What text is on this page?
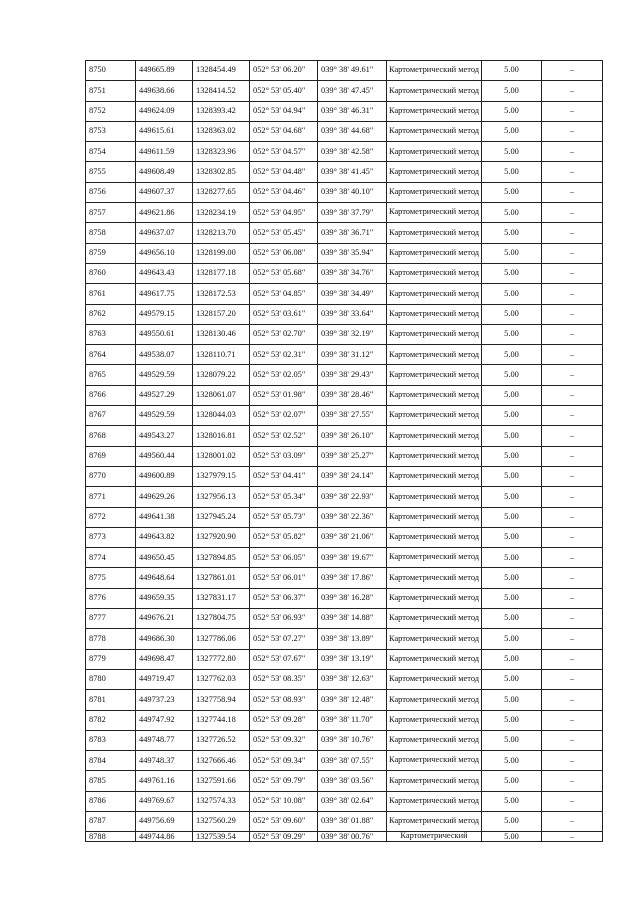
8750	449665.89	1328454.49	052° 53' 06.20"	039° 38' 49.61"	Картометрический метод	5.00	–
8751	449638.66	1328414.52	052° 53' 05.40"	039° 38' 47.45"	Картометрический метод	5.00	–
8752	449624.09	1328393.42	052° 53' 04.94"	039° 38' 46.31"	Картометрический метод	5.00	–
8753	449615.61	1328363.02	052° 53' 04.68"	039° 38' 44.68"	Картометрический метод	5.00	–
8754	449611.59	1328323.96	052° 53' 04.57"	039° 38' 42.58"	Картометрический метод	5.00	–
8755	449608.49	1328302.85	052° 53' 04.48"	039° 38' 41.45"	Картометрический метод	5.00	–
8756	449607.37	1328277.65	052° 53' 04.46"	039° 38' 40.10"	Картометрический метод	5.00	–
8757	449621.86	1328234.19	052° 53' 04.95"	039° 38' 37.79"	Картометрический метод	5.00	–
8758	449637.07	1328213.70	052° 53' 05.45"	039° 38' 36.71"	Картометрический метод	5.00	–
8759	449656.10	1328199.00	052° 53' 06.08"	039° 38' 35.94"	Картометрический метод	5.00	–
8760	449643.43	1328177.18	052° 53' 05.68"	039° 38' 34.76"	Картометрический метод	5.00	–
8761	449617.75	1328172.53	052° 53' 04.85"	039° 38' 34.49"	Картометрический метод	5.00	–
8762	449579.15	1328157.20	052° 53' 03.61"	039° 38' 33.64"	Картометрический метод	5.00	–
8763	449550.61	1328130.46	052° 53' 02.70"	039° 38' 32.19"	Картометрический метод	5.00	–
8764	449538.07	1328110.71	052° 53' 02.31"	039° 38' 31.12"	Картометрический метод	5.00	–
8765	449529.59	1328079.22	052° 53' 02.05"	039° 38' 29.43"	Картометрический метод	5.00	–
8766	449527.29	1328061.07	052° 53' 01.98"	039° 38' 28.46"	Картометрический метод	5.00	–
8767	449529.59	1328044.03	052° 53' 02.07"	039° 38' 27.55"	Картометрический метод	5.00	–
8768	449543.27	1328016.81	052° 53' 02.52"	039° 38' 26.10"	Картометрический метод	5.00	–
8769	449560.44	1328001.02	052° 53' 03.09"	039° 38' 25.27"	Картометрический метод	5.00	–
8770	449600.89	1327979.15	052° 53' 04.41"	039° 38' 24.14"	Картометрический метод	5.00	–
8771	449629.26	1327956.13	052° 53' 05.34"	039° 38' 22.93"	Картометрический метод	5.00	–
8772	449641.38	1327945.24	052° 53' 05.73"	039° 38' 22.36"	Картометрический метод	5.00	–
8773	449643.82	1327920.90	052° 53' 05.82"	039° 38' 21.06"	Картометрический метод	5.00	–
8774	449650.45	1327894.85	052° 53' 06.05"	039° 38' 19.67"	Картометрический метод	5.00	–
8775	449648.64	1327861.01	052° 53' 06.01"	039° 38' 17.86"	Картометрический метод	5.00	–
8776	449659.35	1327831.17	052° 53' 06.37"	039° 38' 16.28"	Картометрический метод	5.00	–
8777	449676.21	1327804.75	052° 53' 06.93"	039° 38' 14.88"	Картометрический метод	5.00	–
8778	449686.30	1327786.06	052° 53' 07.27"	039° 38' 13.89"	Картометрический метод	5.00	–
8779	449698.47	1327772.80	052° 53' 07.67"	039° 38' 13.19"	Картометрический метод	5.00	–
8780	449719.47	1327762.03	052° 53' 08.35"	039° 38' 12.63"	Картометрический метод	5.00	–
8781	449737.23	1327758.94	052° 53' 08.93"	039° 38' 12.48"	Картометрический метод	5.00	–
8782	449747.92	1327744.18	052° 53' 09.28"	039° 38' 11.70"	Картометрический метод	5.00	–
8783	449748.77	1327726.52	052° 53' 09.32"	039° 38' 10.76"	Картометрический метод	5.00	–
8784	449748.37	1327666.46	052° 53' 09.34"	039° 38' 07.55"	Картометрический метод	5.00	–
8785	449761.16	1327591.66	052° 53' 09.79"	039° 38' 03.56"	Картометрический метод	5.00	–
8786	449769.67	1327574.33	052° 53' 10.08"	039° 38' 02.64"	Картометрический метод	5.00	–
8787	449756.69	1327560.29	052° 53' 09.60"	039° 38' 01.88"	Картометрический метод	5.00	–
8788	449744.86	1327539.54	052° 53' 09.29"	039° 38' 00.76"	Картометрический	5.00	–
